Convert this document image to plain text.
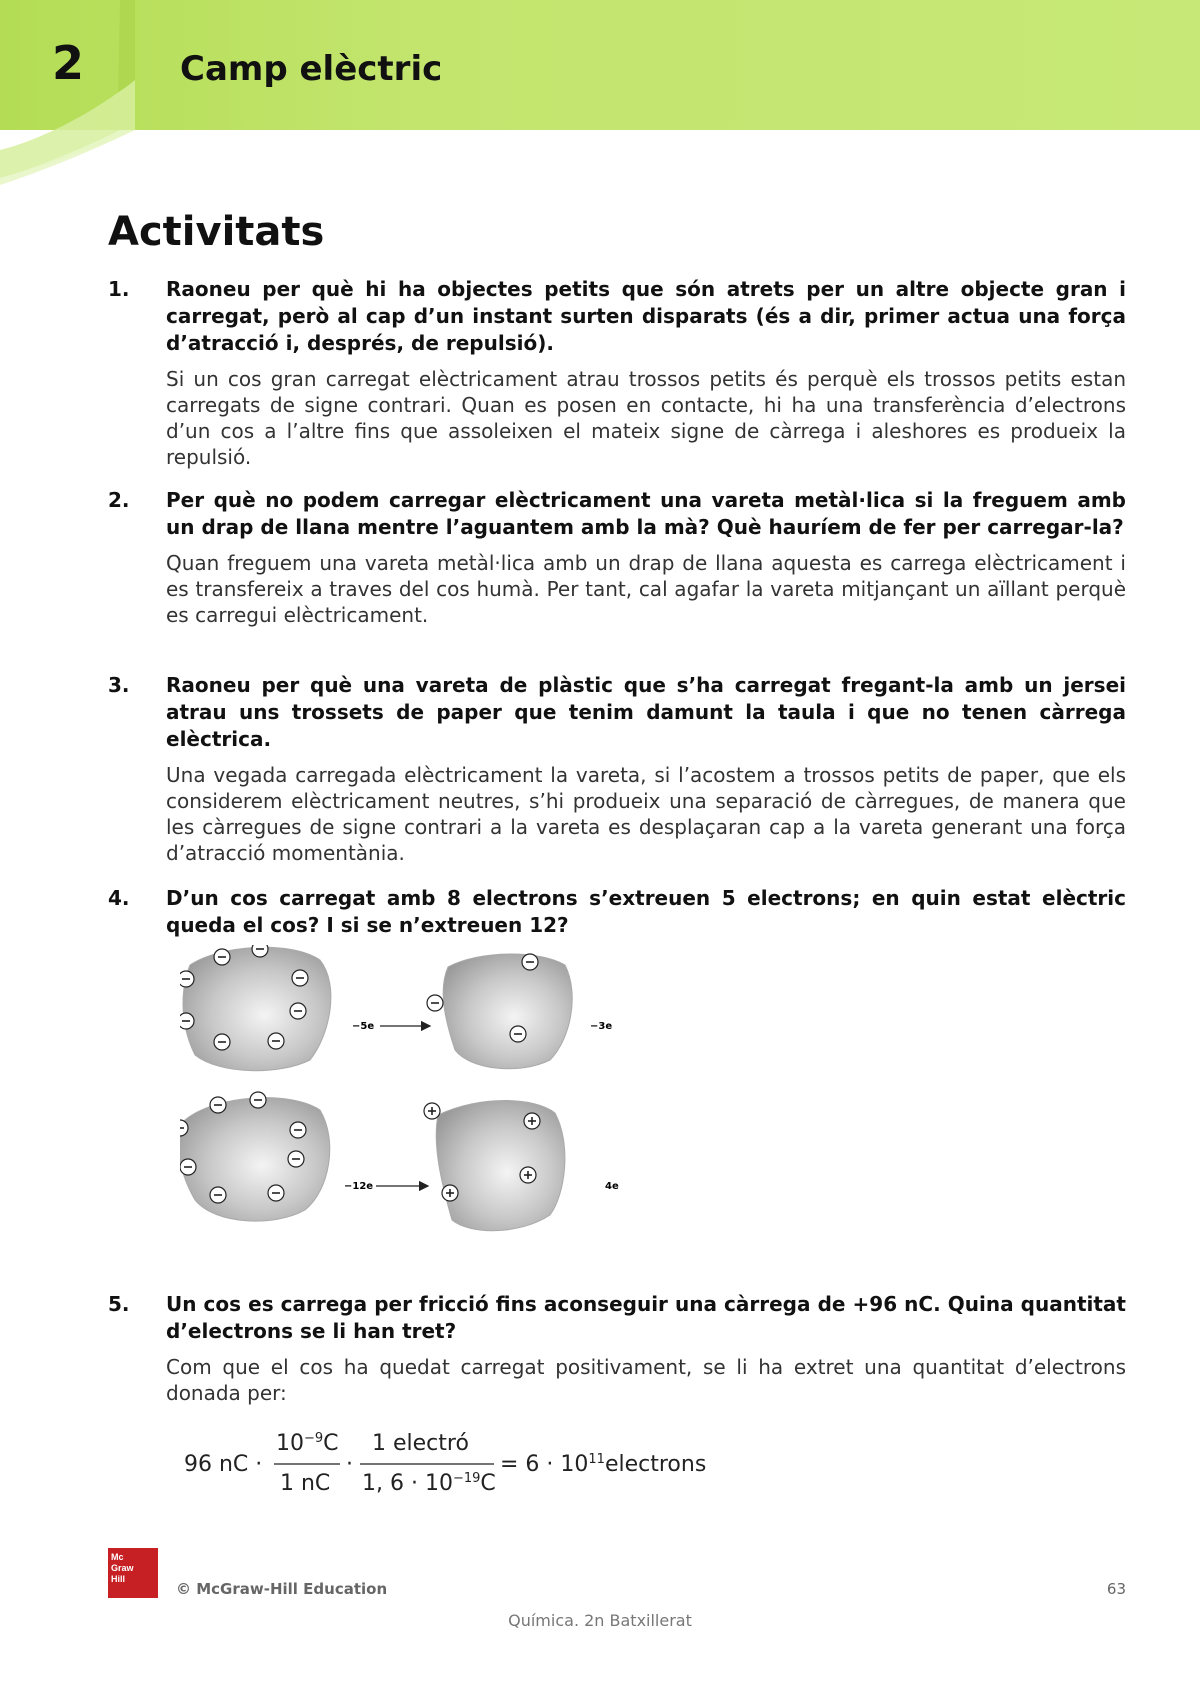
2	Camp elèctric
Activitats
1. Raoneu per què hi ha objectes petits que són atrets per un altre objecte gran i carregat, però al cap d’un instant surten disparats (és a dir, primer actua una força d’atracció i, després, de repulsió).

Si un cos gran carregat elèctricament atrau trossos petits és perquè els trossos petits estan carregats de signe contrari. Quan es posen en contacte, hi ha una transferència d’electrons d’un cos a l’altre fins que assoleixen el mateix signe de càrrega i aleshores es produeix la repulsió.

2. Per què no podem carregar elèctricament una vareta metàl·lica si la freguem amb un drap de llana mentre l’aguantem amb la mà? Què hauríem de fer per carregar-la?

Quan freguem una vareta metàl·lica amb un drap de llana aquesta es carrega elèctricament i es transfereix a traves del cos humà. Per tant, cal agafar la vareta mitjançant un aïllant perquè es carregui elèctricament.

3. Raoneu per què una vareta de plàstic que s’ha carregat fregant-la amb un jersei atrau uns trossets de paper que tenim damunt la taula i que no tenen càrrega elèctrica.

Una vegada carregada elèctricament la vareta, si l’acostem a trossos petits de paper, que els considerem elèctricament neutres, s’hi produeix una separació de càrregues, de manera que les càrregues de signe contrari a la vareta es desplaçaran cap a la vareta generant una força d’atracció momentània.

4. D’un cos carregat amb 8 electrons s’extreuen 5 electrons; en quin estat elèctric queda el cos? I si se n’extreuen 12?

−5e	−3e
−12e	4e
5. Un cos es carrega per fricció fins aconseguir una càrrega de +96 nC. Quina quantitat d’electrons se li han tret?

Com que el cos ha quedat carregat positivament, se li ha extret una quantitat d’electrons donada per:

96 nC ·
$10^{-9}C$
1 nC
·
1 electró
1, $6 \cdot 10^{-19}C$
= $6 \cdot 10^{11}electrons$
Mc
Graw
Hill
© McGraw-Hill Education	63
Química. 2n Batxillerat
